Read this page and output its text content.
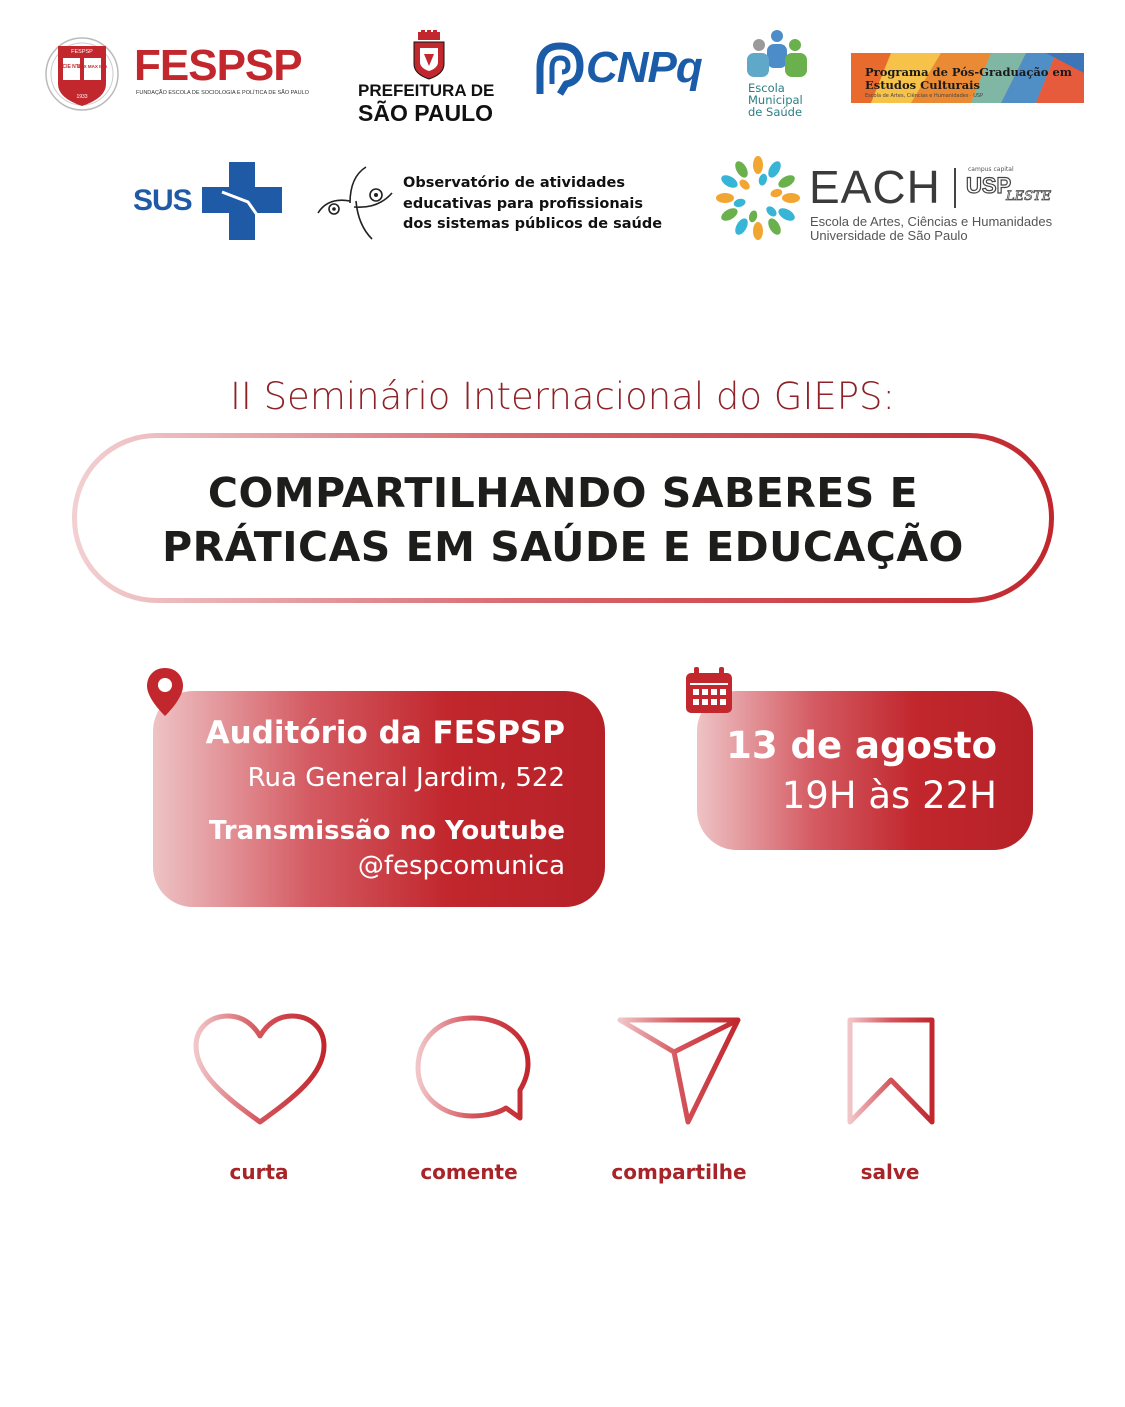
FESPSP
SCIE NTIA
LUX MAX IMA
1933
FESPSP
FUNDAÇÃO ESCOLA DE SOCIOLOGIA E POLÍTICA DE SÃO PAULO	PREFEITURA DE
SÃO PAULO
CNPq	Escola
Municipal
de Saúde
Programa de Pós-Graduação em Estudos Culturais
Escola de Artes, Ciências e Humanidades · USP
SUS
Observatório de atividades
educativas para profissionais
dos sistemas públicos de saúde
EACH	campus capital
USP
LESTE
Escola de Artes, Ciências e Humanidades
Universidade de São Paulo
II Seminário Internacional do GIEPS:
COMPARTILHANDO SABERES E
PRÁTICAS EM SAÚDE E EDUCAÇÃO
Auditório da FESPSP
Rua General Jardim, 522
Transmissão no Youtube
@fespcomunica
13 de agosto
19H às 22H
curta	comente	compartilhe	salve
